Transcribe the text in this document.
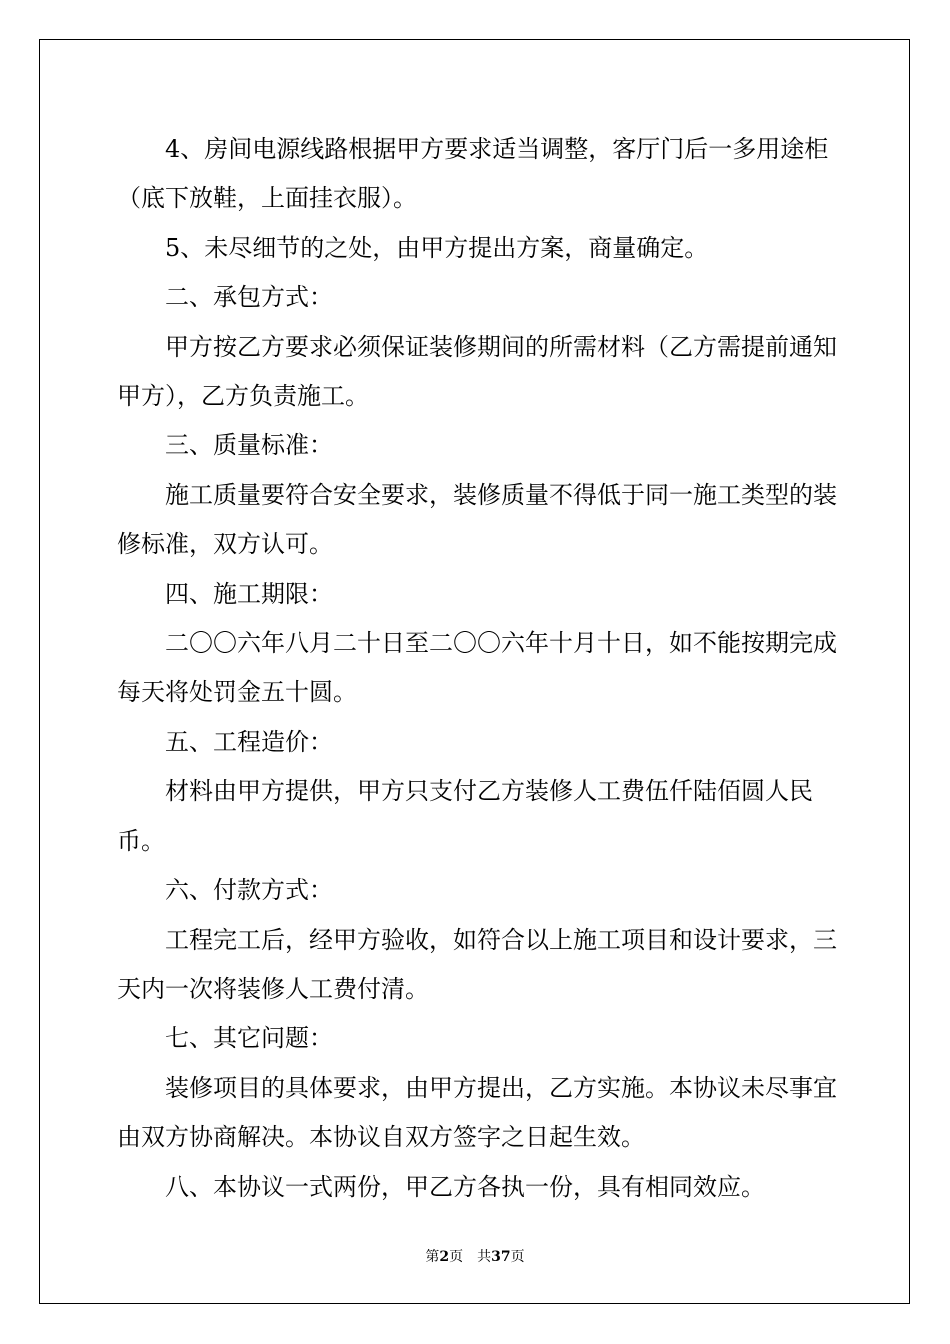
4、房间电源线路根据甲方要求适当调整，客厅门后一多用途柜（底下放鞋，上面挂衣服）。

5、未尽细节的之处，由甲方提出方案，商量确定。

二、承包方式：

甲方按乙方要求必须保证装修期间的所需材料（乙方需提前通知甲方），乙方负责施工。

三、质量标准：

施工质量要符合安全要求，装修质量不得低于同一施工类型的装修标准，双方认可。

四、施工期限：

二〇〇六年八月二十日至二〇〇六年十月十日，如不能按期完成每天将处罚金五十圆。

五、工程造价：

材料由甲方提供，甲方只支付乙方装修人工费伍仟陆佰圆人民币。

六、付款方式：

工程完工后，经甲方验收，如符合以上施工项目和设计要求，三天内一次将装修人工费付清。

七、其它问题：

装修项目的具体要求，由甲方提出，乙方实施。本协议未尽事宜由双方协商解决。本协议自双方签字之日起生效。

八、本协议一式两份，甲乙方各执一份，具有相同效应。

第2页　共37页
